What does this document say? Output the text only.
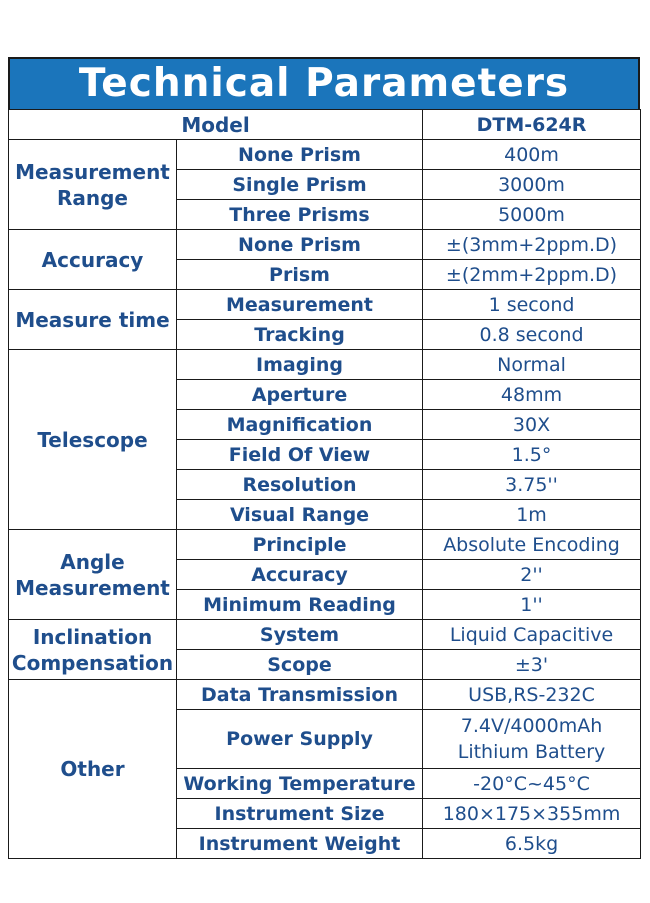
Technical Parameters
Model		DTM-624R
Measurement Range	None Prism	400m
	Single Prism	3000m
	Three Prisms	5000m
Accuracy	None Prism	±(3mm+2ppm.D)
	Prism	±(2mm+2ppm.D)
Measure time	Measurement	1 second
	Tracking	0.8 second
Telescope	Imaging	Normal
	Aperture	48mm
	Magnification	30X
	Field Of View	1.5°
	Resolution	3.75''
	Visual Range	1m
Angle Measurement	Principle	Absolute Encoding
	Accuracy	2''
	Minimum Reading	1''
Inclination Compensation	System	Liquid Capacitive
	Scope	±3'
Other	Data Transmission	USB,RS-232C
	Power Supply	7.4V/4000mAh Lithium Battery
	Working Temperature	-20°C~45°C
	Instrument Size	180×175×355mm
	Instrument Weight	6.5kg
